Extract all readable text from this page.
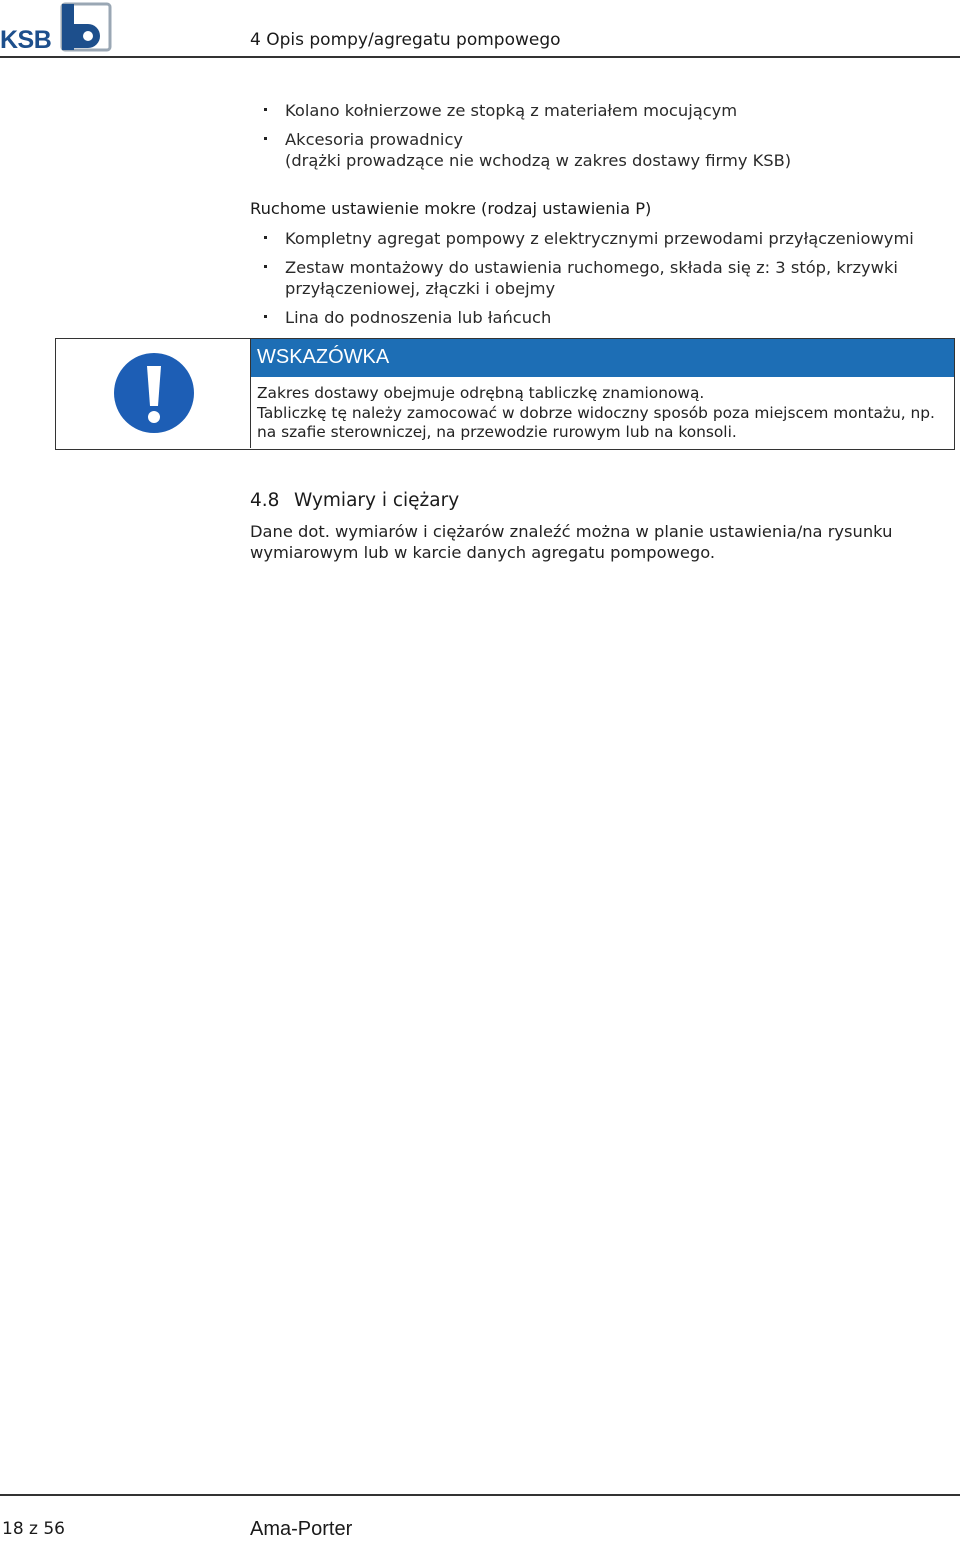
KSB	4 Opis pompy/agregatu pompowego
Kolano kołnierzowe ze stopką z materiałem mocującym
Akcesoria prowadnicy
(drążki prowadzące nie wchodzą w zakres dostawy firmy KSB)
Ruchome ustawienie mokre (rodzaj ustawienia P)
Kompletny agregat pompowy z elektrycznymi przewodami przyłączeniowymi
Zestaw montażowy do ustawienia ruchomego, składa się z: 3 stóp, krzywki przyłączeniowej, złączki i obejmy
Lina do podnoszenia lub łańcuch
WSKAZÓWKA

Zakres dostawy obejmuje odrębną tabliczkę znamionową.

Tabliczkę tę należy zamocować w dobrze widoczny sposób poza miejscem montażu, np. na szafie sterowniczej, na przewodzie rurowym lub na konsoli.

4.8 Wymiary i ciężary
Dane dot. wymiarów i ciężarów znaleźć można w planie ustawienia/na rysunku wymiarowym lub w karcie danych agregatu pompowego.
18 z 56	Ama-Porter
